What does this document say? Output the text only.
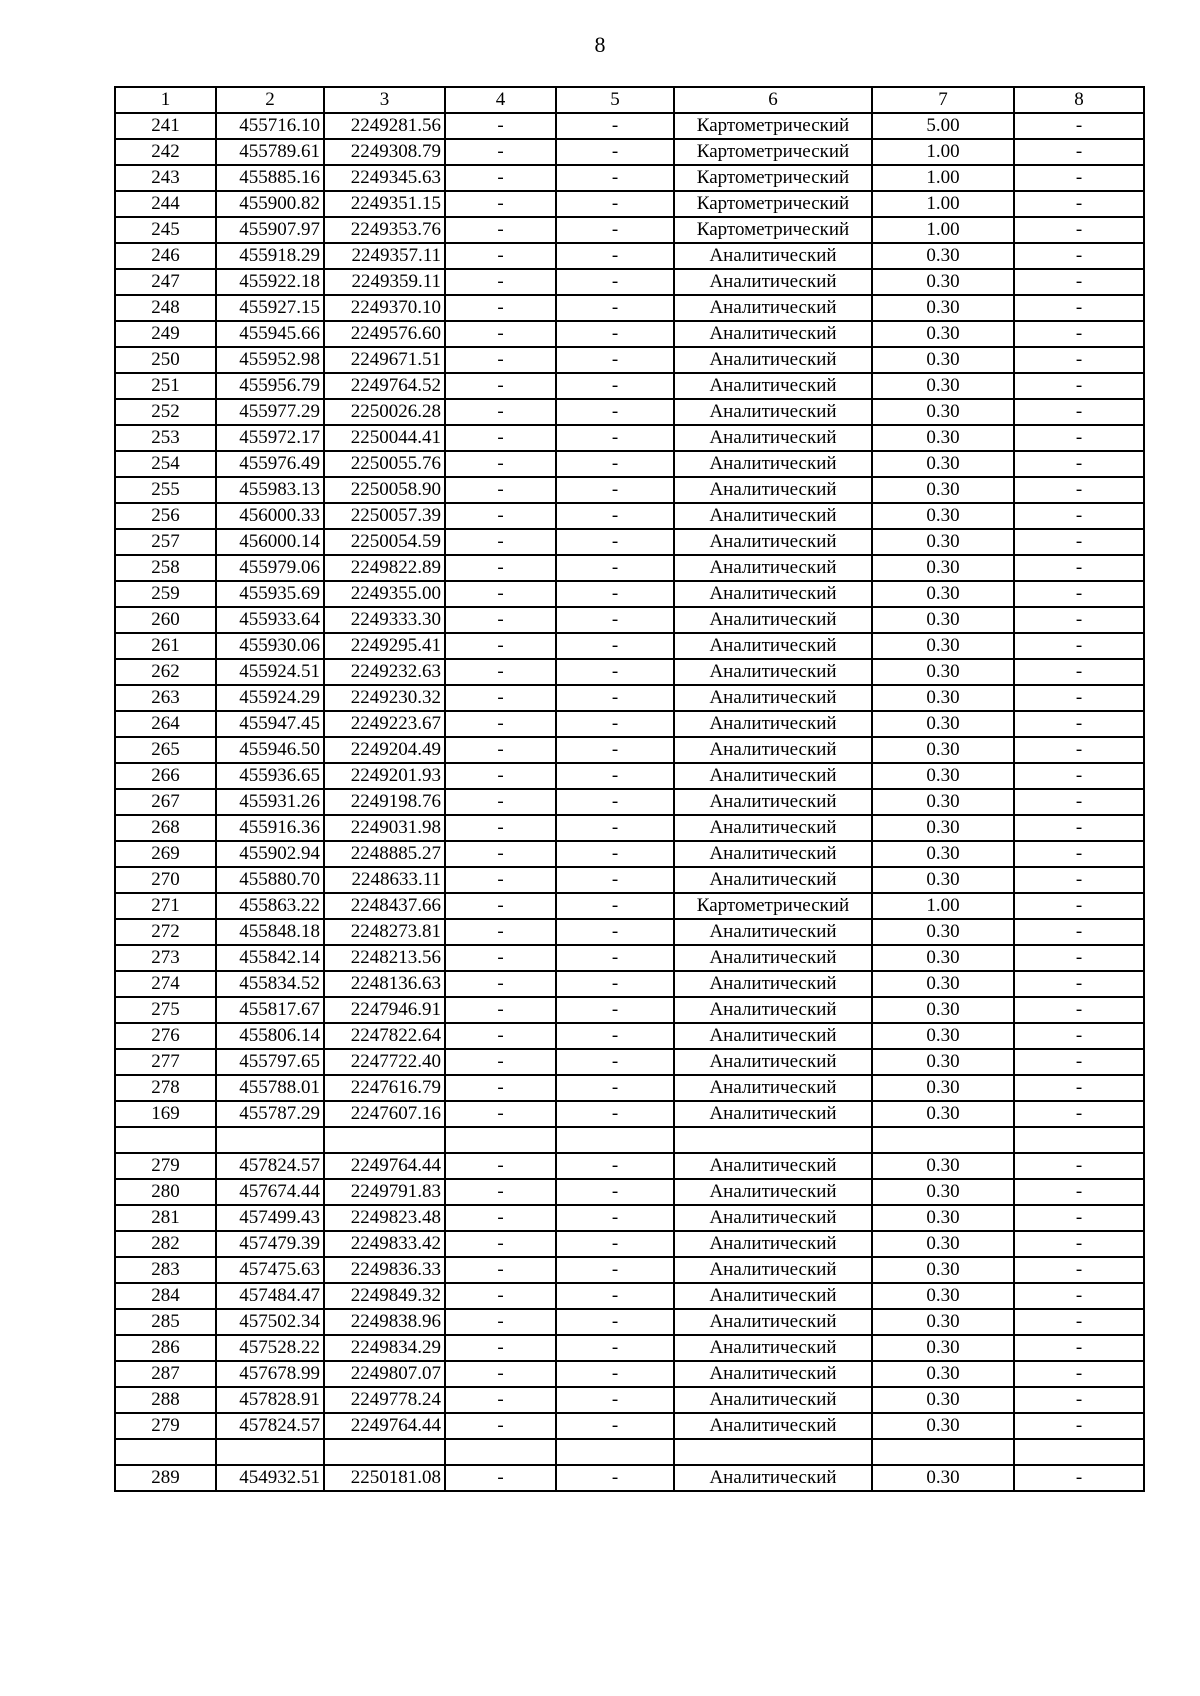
8
1	2	3	4	5	6	7	8
241	455716.10	2249281.56	-	-	Картометрический	5.00	-
242	455789.61	2249308.79	-	-	Картометрический	1.00	-
243	455885.16	2249345.63	-	-	Картометрический	1.00	-
244	455900.82	2249351.15	-	-	Картометрический	1.00	-
245	455907.97	2249353.76	-	-	Картометрический	1.00	-
246	455918.29	2249357.11	-	-	Аналитический	0.30	-
247	455922.18	2249359.11	-	-	Аналитический	0.30	-
248	455927.15	2249370.10	-	-	Аналитический	0.30	-
249	455945.66	2249576.60	-	-	Аналитический	0.30	-
250	455952.98	2249671.51	-	-	Аналитический	0.30	-
251	455956.79	2249764.52	-	-	Аналитический	0.30	-
252	455977.29	2250026.28	-	-	Аналитический	0.30	-
253	455972.17	2250044.41	-	-	Аналитический	0.30	-
254	455976.49	2250055.76	-	-	Аналитический	0.30	-
255	455983.13	2250058.90	-	-	Аналитический	0.30	-
256	456000.33	2250057.39	-	-	Аналитический	0.30	-
257	456000.14	2250054.59	-	-	Аналитический	0.30	-
258	455979.06	2249822.89	-	-	Аналитический	0.30	-
259	455935.69	2249355.00	-	-	Аналитический	0.30	-
260	455933.64	2249333.30	-	-	Аналитический	0.30	-
261	455930.06	2249295.41	-	-	Аналитический	0.30	-
262	455924.51	2249232.63	-	-	Аналитический	0.30	-
263	455924.29	2249230.32	-	-	Аналитический	0.30	-
264	455947.45	2249223.67	-	-	Аналитический	0.30	-
265	455946.50	2249204.49	-	-	Аналитический	0.30	-
266	455936.65	2249201.93	-	-	Аналитический	0.30	-
267	455931.26	2249198.76	-	-	Аналитический	0.30	-
268	455916.36	2249031.98	-	-	Аналитический	0.30	-
269	455902.94	2248885.27	-	-	Аналитический	0.30	-
270	455880.70	2248633.11	-	-	Аналитический	0.30	-
271	455863.22	2248437.66	-	-	Картометрический	1.00	-
272	455848.18	2248273.81	-	-	Аналитический	0.30	-
273	455842.14	2248213.56	-	-	Аналитический	0.30	-
274	455834.52	2248136.63	-	-	Аналитический	0.30	-
275	455817.67	2247946.91	-	-	Аналитический	0.30	-
276	455806.14	2247822.64	-	-	Аналитический	0.30	-
277	455797.65	2247722.40	-	-	Аналитический	0.30	-
278	455788.01	2247616.79	-	-	Аналитический	0.30	-
169	455787.29	2247607.16	-	-	Аналитический	0.30	-

279	457824.57	2249764.44	-	-	Аналитический	0.30	-
280	457674.44	2249791.83	-	-	Аналитический	0.30	-
281	457499.43	2249823.48	-	-	Аналитический	0.30	-
282	457479.39	2249833.42	-	-	Аналитический	0.30	-
283	457475.63	2249836.33	-	-	Аналитический	0.30	-
284	457484.47	2249849.32	-	-	Аналитический	0.30	-
285	457502.34	2249838.96	-	-	Аналитический	0.30	-
286	457528.22	2249834.29	-	-	Аналитический	0.30	-
287	457678.99	2249807.07	-	-	Аналитический	0.30	-
288	457828.91	2249778.24	-	-	Аналитический	0.30	-
279	457824.57	2249764.44	-	-	Аналитический	0.30	-

289	454932.51	2250181.08	-	-	Аналитический	0.30	-
